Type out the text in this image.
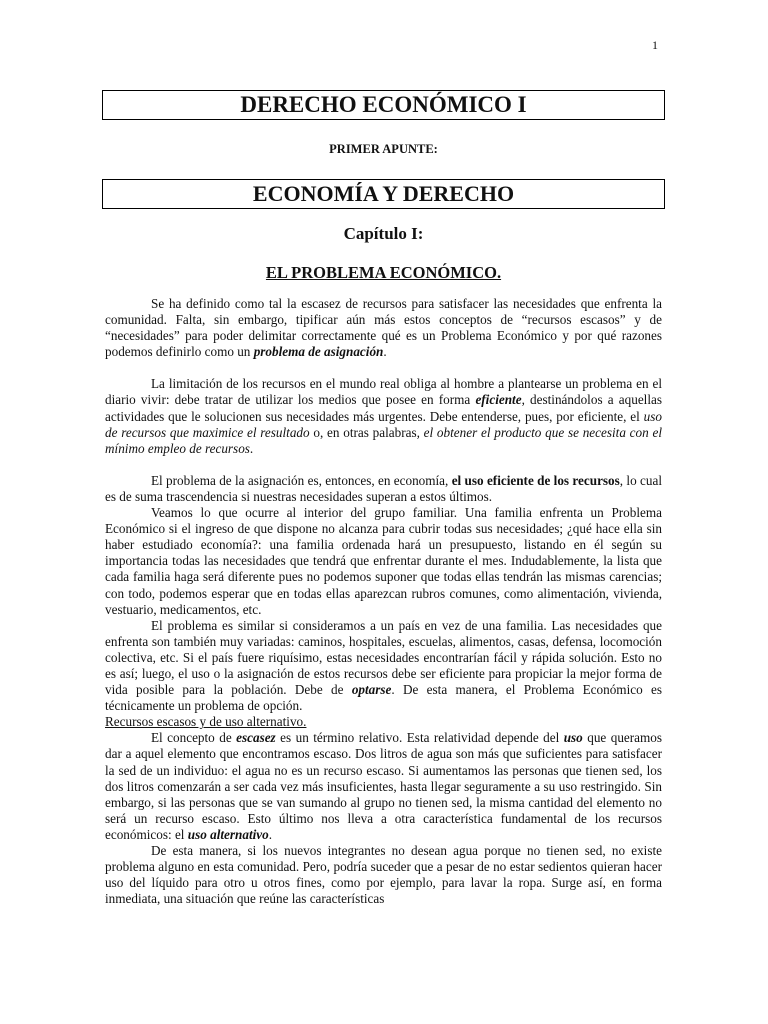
1
DERECHO ECONÓMICO I
PRIMER APUNTE:
ECONOMÍA Y DERECHO
Capítulo I:
EL PROBLEMA ECONÓMICO.

Se ha definido como tal la escasez de recursos para satisfacer las necesidades que enfrenta la comunidad. Falta, sin embargo, tipificar aún más estos conceptos de “recursos escasos” y de “necesidades” para poder delimitar correctamente qué es un Problema Económico y por qué razones podemos definirlo como un problema de asignación.

La limitación de los recursos en el mundo real obliga al hombre a plantearse un problema en el diario vivir: debe tratar de utilizar los medios que posee en forma eficiente, destinándolos a aquellas actividades que le solucionen sus necesidades más urgentes. Debe entenderse, pues, por eficiente, el uso de recursos que maximice el resultado o, en otras palabras, el obtener el producto que se necesita con el mínimo empleo de recursos.

El problema de la asignación es, entonces, en economía, el uso eficiente de los recursos, lo cual es de suma trascendencia si nuestras necesidades superan a estos últimos.

Veamos lo que ocurre al interior del grupo familiar. Una familia enfrenta un Problema Económico si el ingreso de que dispone no alcanza para cubrir todas sus necesidades; ¿qué hace ella sin haber estudiado economía?: una familia ordenada hará un presupuesto, listando en él según su importancia todas las necesidades que tendrá que enfrentar durante el mes. Indudablemente, la lista que cada familia haga será diferente pues no podemos suponer que todas ellas tendrán las mismas carencias; con todo, podemos esperar que en todas ellas aparezcan rubros comunes, como alimentación, vivienda, vestuario, medicamentos, etc.

El problema es similar si consideramos a un país en vez de una familia. Las necesidades que enfrenta son también muy variadas: caminos, hospitales, escuelas, alimentos, casas, defensa, locomoción colectiva, etc. Si el país fuere riquísimo, estas necesidades encontrarían fácil y rápida solución. Esto no es así; luego, el uso o la asignación de estos recursos debe ser eficiente para propiciar la mejor forma de vida posible para la población. Debe de optarse. De esta manera, el Problema Económico es técnicamente un problema de opción.

Recursos escasos y de uso alternativo.

El concepto de escasez es un término relativo. Esta relatividad depende del uso que queramos dar a aquel elemento que encontramos escaso. Dos litros de agua son más que suficientes para satisfacer la sed de un individuo: el agua no es un recurso escaso. Si aumentamos las personas que tienen sed, los dos litros comenzarán a ser cada vez más insuficientes, hasta llegar seguramente a su uso restringido. Sin embargo, si las personas que se van sumando al grupo no tienen sed, la misma cantidad del elemento no será un recurso escaso. Esto último nos lleva a otra característica fundamental de los recursos económicos: el uso alternativo.

De esta manera, si los nuevos integrantes no desean agua porque no tienen sed, no existe problema alguno en esta comunidad. Pero, podría suceder que a pesar de no estar sedientos quieran hacer uso del líquido para otro u otros fines, como por ejemplo, para lavar la ropa. Surge así, en forma inmediata, una situación que reúne las características
